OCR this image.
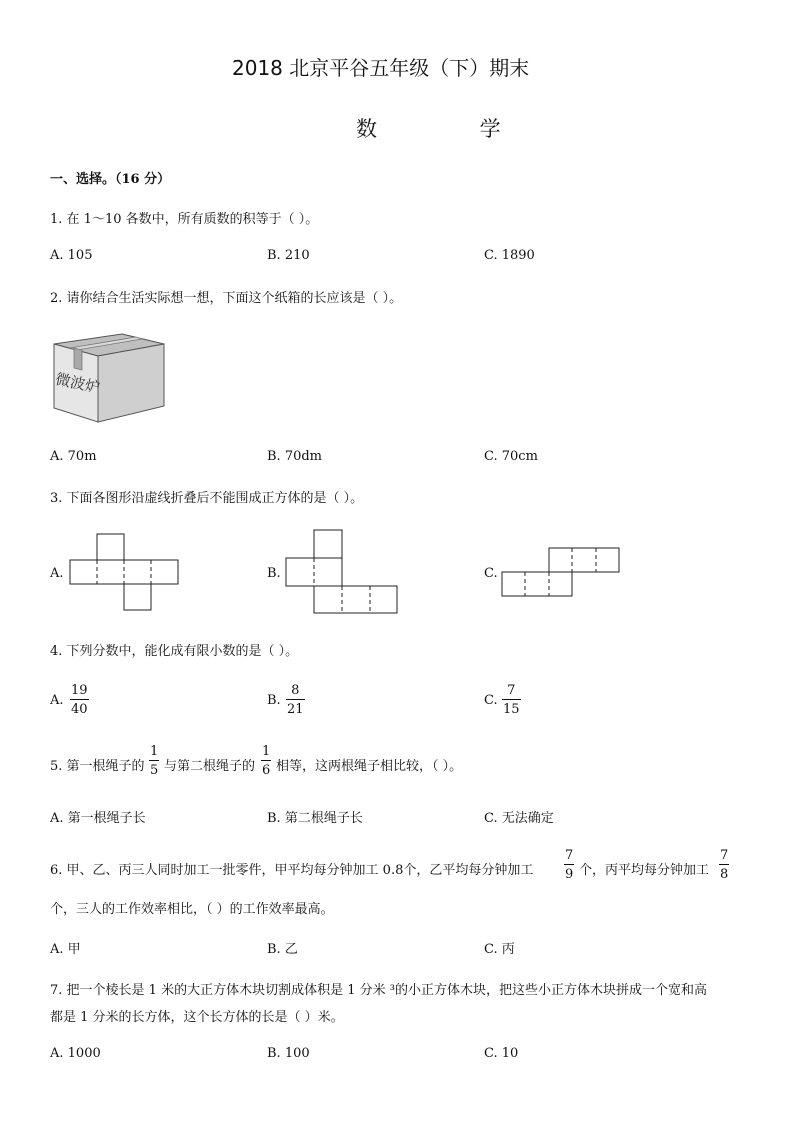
2018 北京平谷五年级（下）期末
数 学
一、选择。（16 分）
1. 在 1～10 各数中，所有质数的积等于（ ）。
A. 105	B. 210	C. 1890
2. 请你结合生活实际想一想，下面这个纸箱的长应该是（ ）。
微波炉
A. 70m	B. 70dm	C. 70cm
3. 下面各图形沿虚线折叠后不能围成正方体的是（ ）。
A.	B.	C.
4. 下列分数中，能化成有限小数的是（ ）。
A.
19
40
B.
8
21
C.
7
15
5. 第一根绳子的
1
5 与第二根绳子的
1
6 相等，这两根绳子相比较，（ ）。
A. 第一根绳子长	B. 第二根绳子长	C. 无法确定
6. 甲、乙、丙三人同时加工一批零件，甲平均每分钟加工 0.8个，乙平均每分钟加工
7
9 个，丙平均每分钟加工
7
8
个，三人的工作效率相比，（ ）的工作效率最高。
A. 甲	B. 乙	C. 丙
7. 把一个棱长是 1 米的大正方体木块切割成体积是 1 分米 ³的小正方体木块，把这些小正方体木块拼成一个宽和高
都是 1 分米的长方体，这个长方体的长是（ ）米。
A. 1000	B. 100	C. 10
